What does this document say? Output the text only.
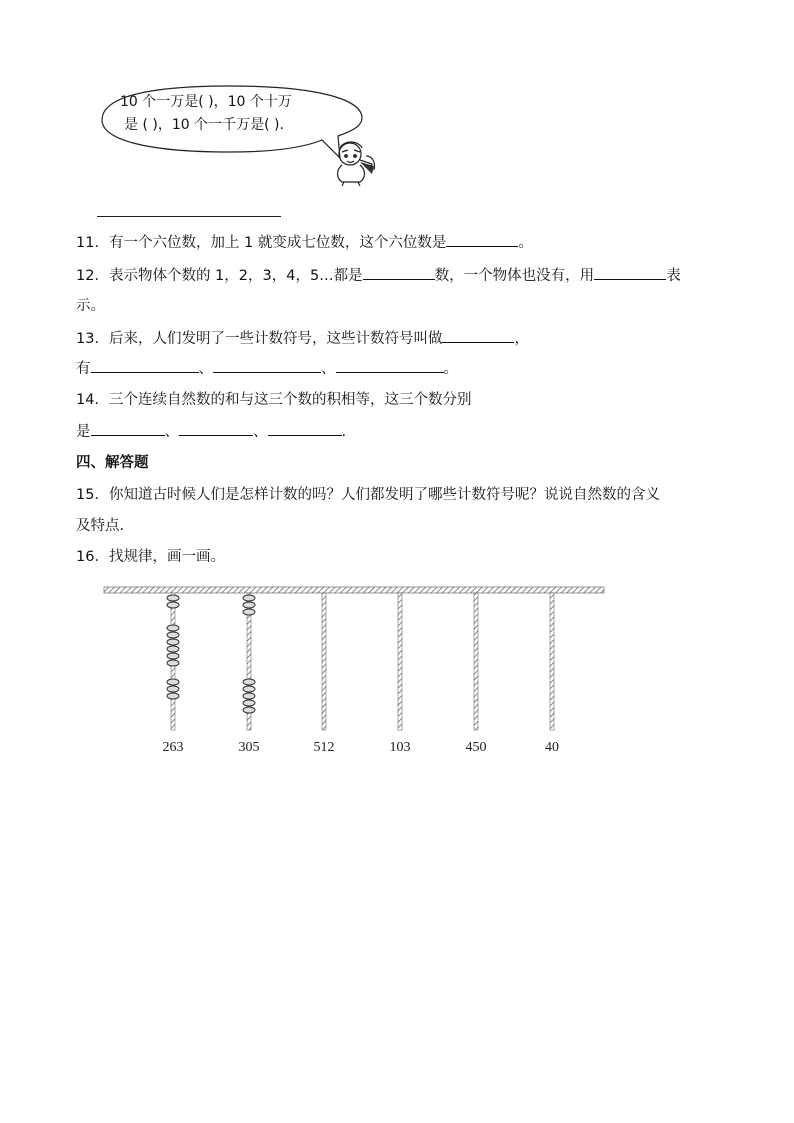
10 个一万是( )，10 个十万
是 ( )，10 个一千万是( ).
11．有一个六位数，加上 1 就变成七位数，这个六位数是	。
12．表示物体个数的 1，2，3，4，5…都是	数，一个物体也没有，用	表
示。
13．后来，人们发明了一些计数符号，这些计数符号叫做	，
有	、	、	。
14．三个连续自然数的和与这三个数的积相等，这三个数分别
是	、	、	.
四、解答题
15．你知道古时候人们是怎样计数的吗？人们都发明了哪些计数符号呢？说说自然数的含义
及特点.
16．找规律，画一画。
263	305	512	103	450	40
